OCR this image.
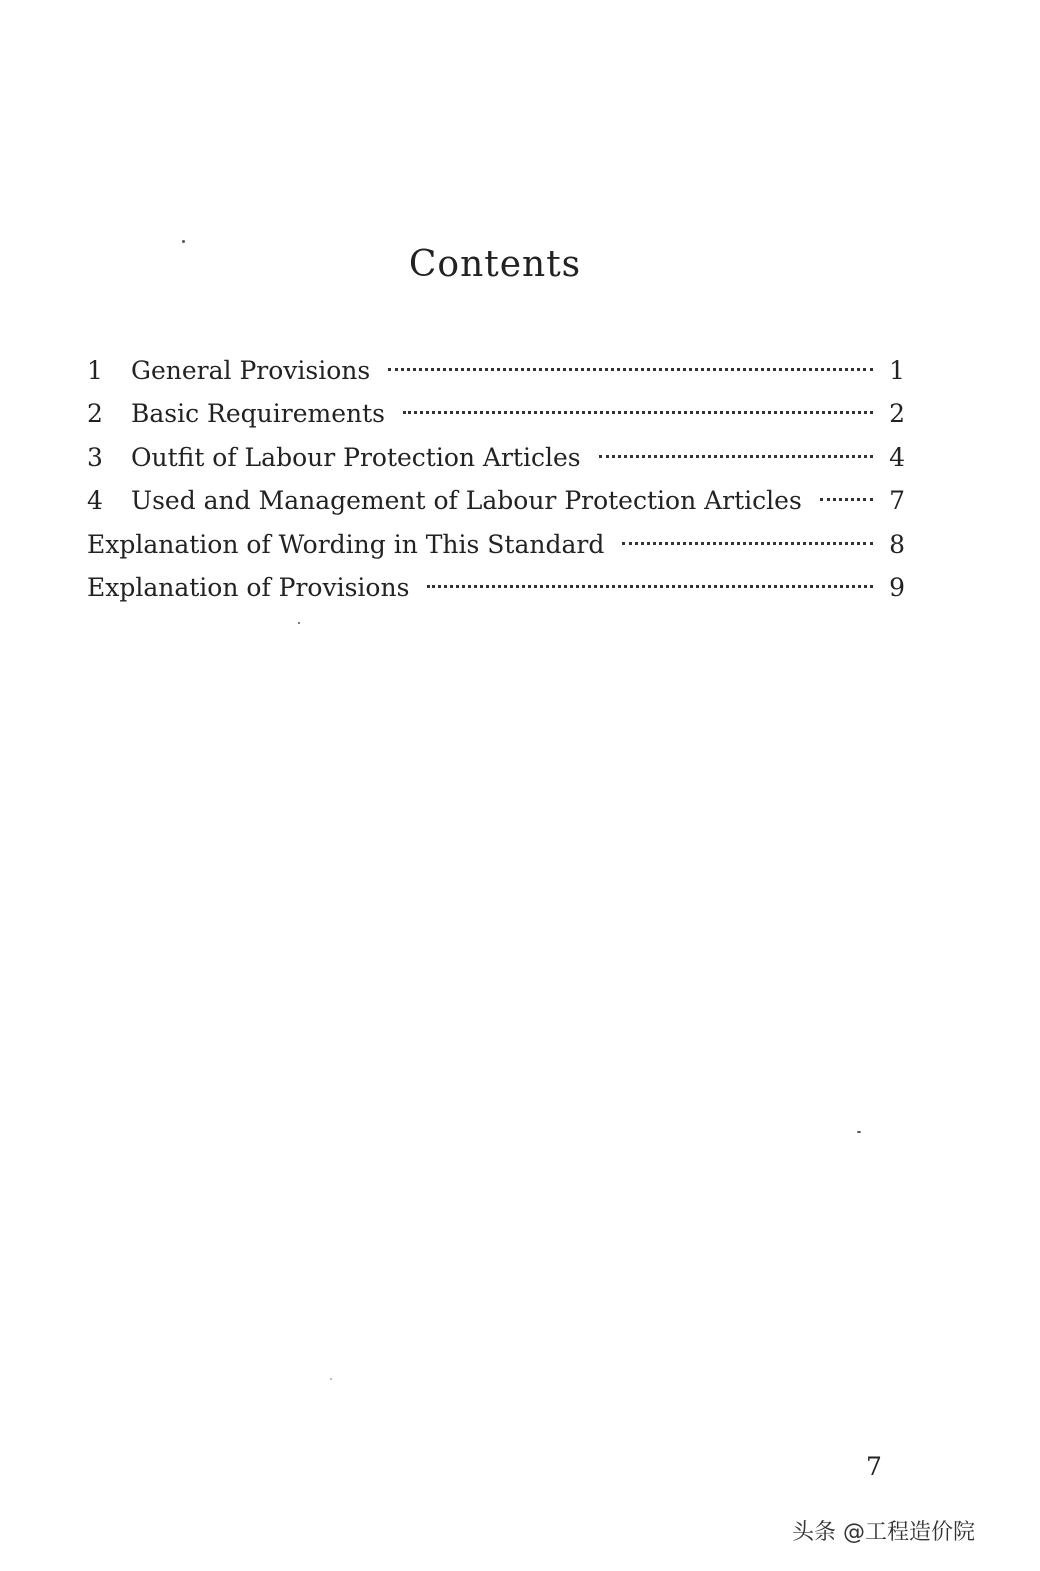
Contents
1	General Provisions	1
2	Basic Requirements	2
3	Outfit of Labour Protection Articles	4
4	Used and Management of Labour Protection Articles	7
Explanation of Wording in This Standard	8
Explanation of Provisions	9
7
头条 @工程造价院
